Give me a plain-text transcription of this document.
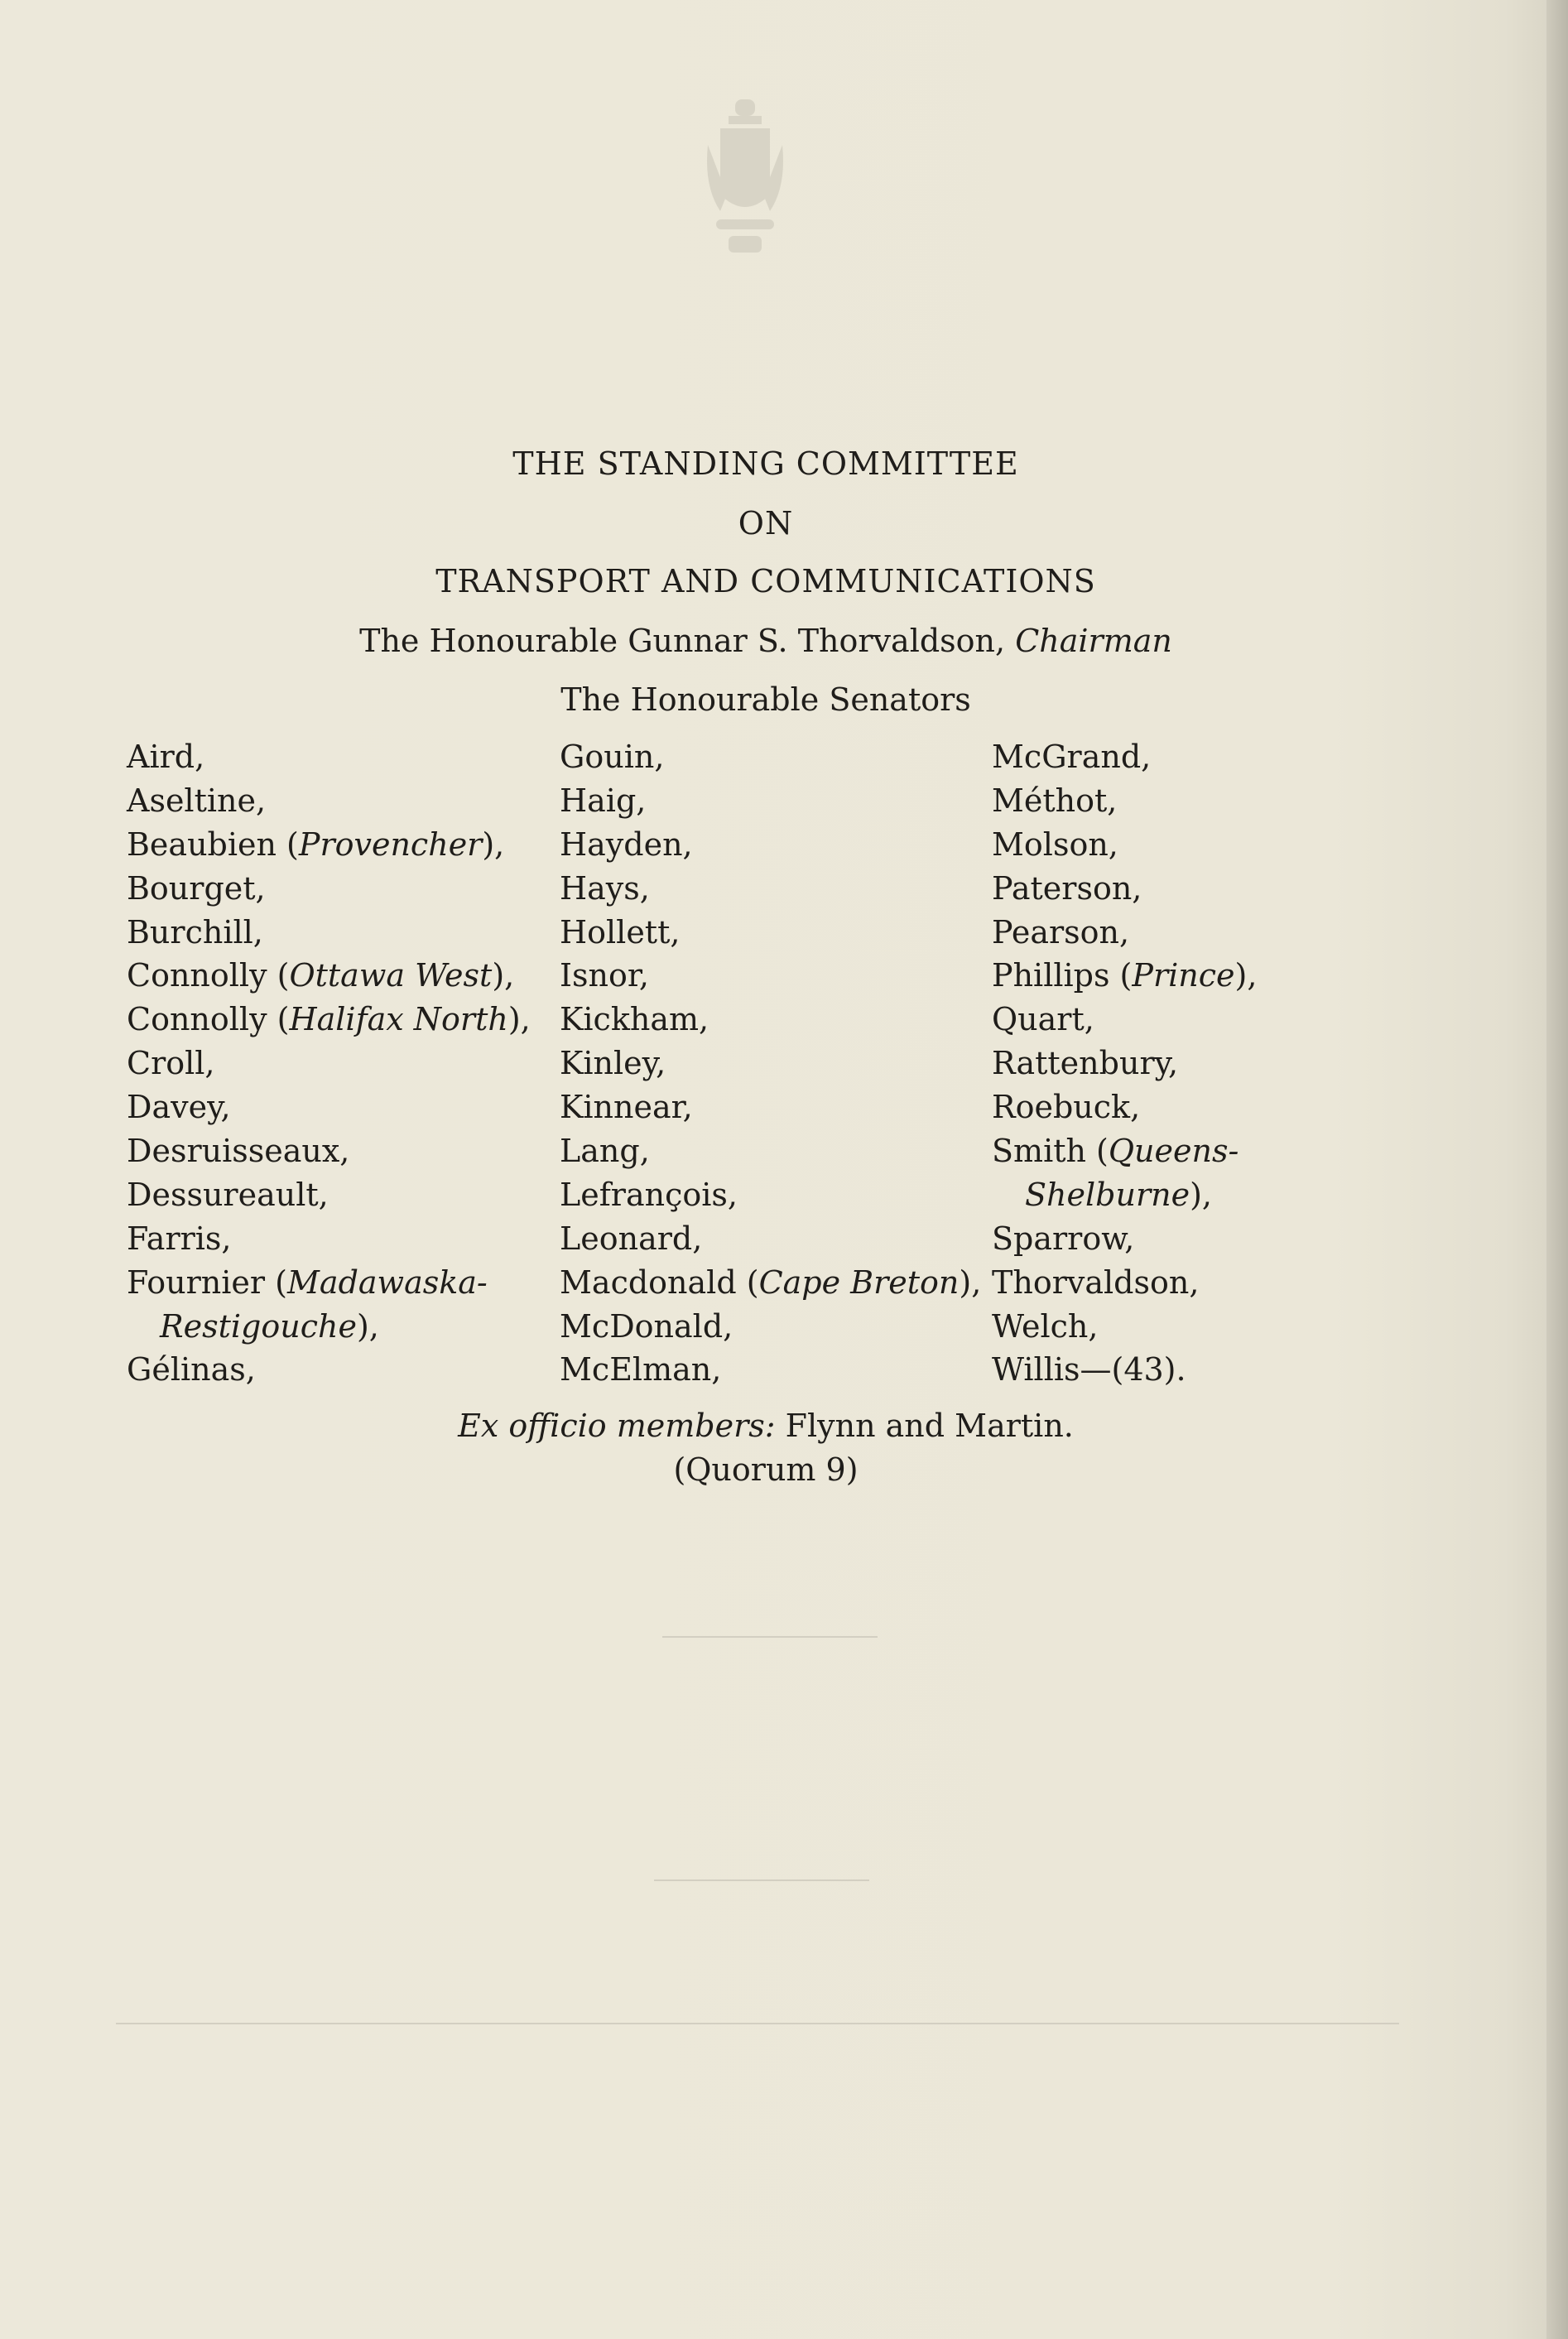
THE STANDING COMMITTEE
ON
TRANSPORT AND COMMUNICATIONS
The Honourable Gunnar S. Thorvaldson, Chairman
The Honourable Senators
Aird,
Aseltine,
Beaubien (Provencher),
Bourget,
Burchill,
Connolly (Ottawa West),
Connolly (Halifax North),
Croll,
Davey,
Desruisseaux,
Dessureault,
Farris,
Fournier (Madawaska-
Restigouche),
Gélinas,
Gouin,
Haig,
Hayden,
Hays,
Hollett,
Isnor,
Kickham,
Kinley,
Kinnear,
Lang,
Lefrançois,
Leonard,
Macdonald (Cape Breton),
McDonald,
McElman,
McGrand,
Méthot,
Molson,
Paterson,
Pearson,
Phillips (Prince),
Quart,
Rattenbury,
Roebuck,
Smith (Queens-
Shelburne),
Sparrow,
Thorvaldson,
Welch,
Willis—(43).
Ex officio members: Flynn and Martin.
(Quorum 9)
